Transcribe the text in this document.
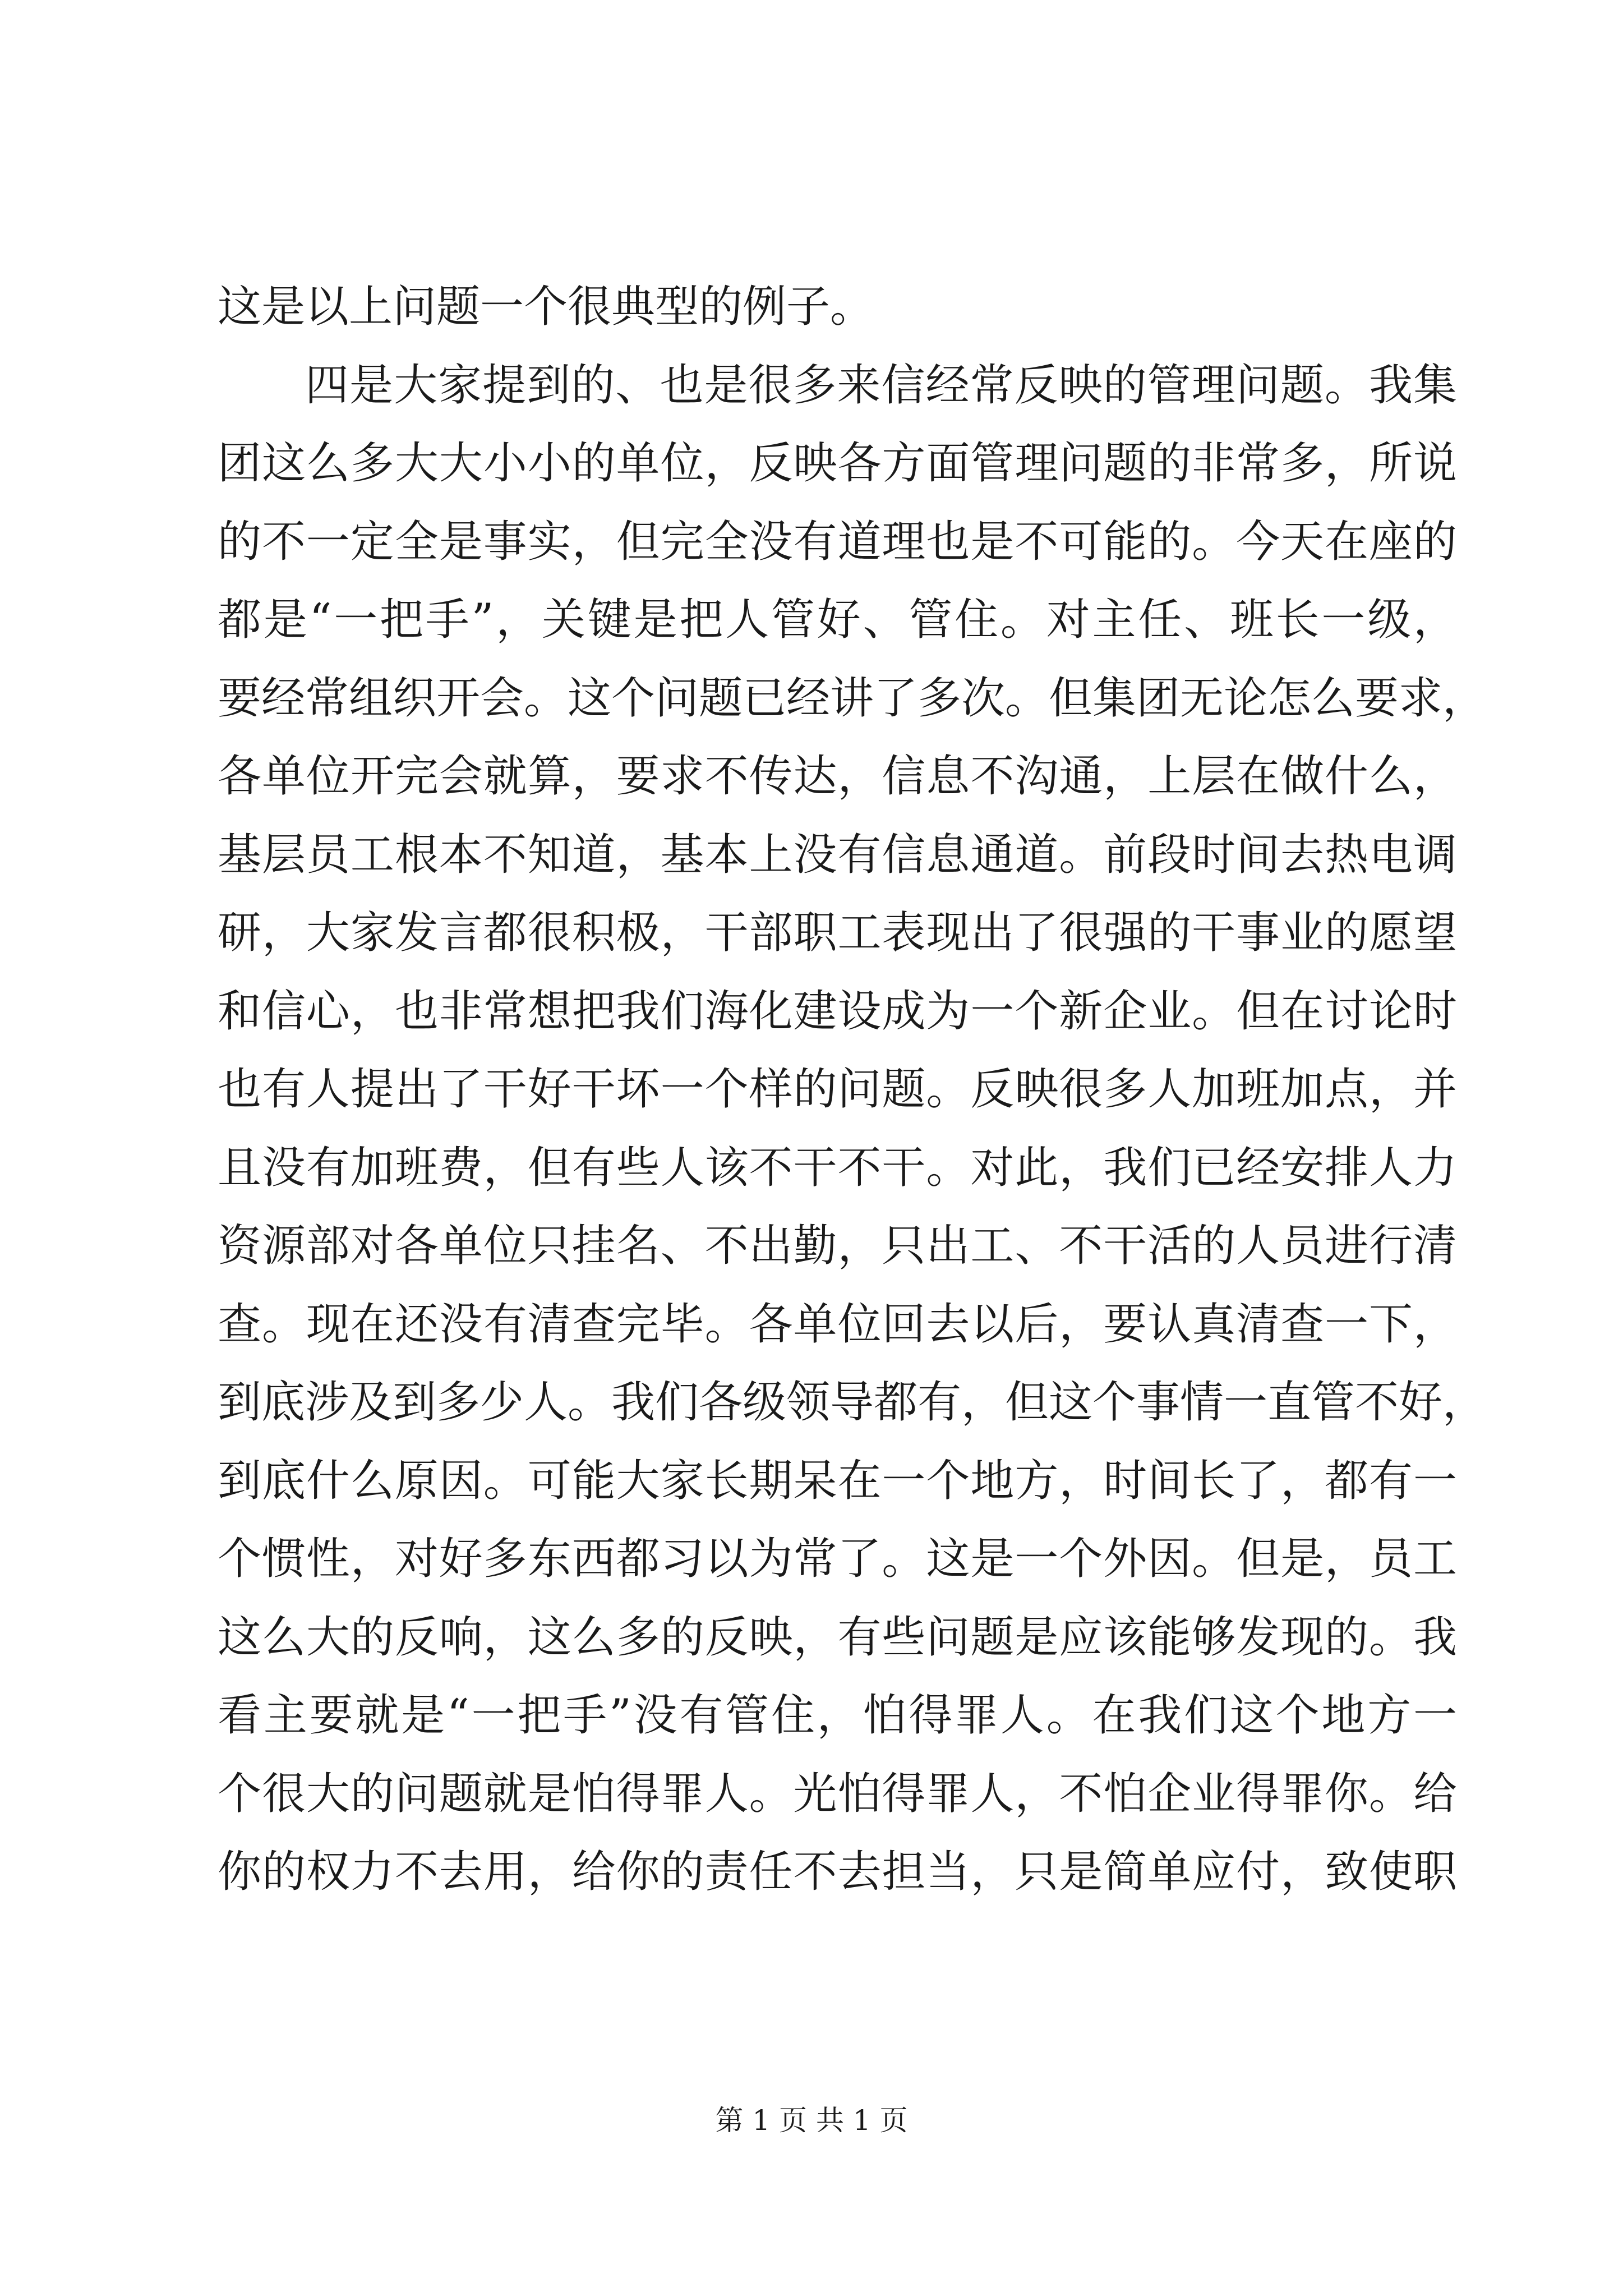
这是以上问题一个很典型的例子。
四是大家提到的、也是很多来信经常反映的管理问题。我集
团这么多大大小小的单位，反映各方面管理问题的非常多，所说
的不一定全是事实，但完全没有道理也是不可能的。今天在座的
都是“一把手”，关键是把人管好、管住。对主任、班长一级，
要经常组织开会。这个问题已经讲了多次。但集团无论怎么要求，
各单位开完会就算，要求不传达，信息不沟通，上层在做什么，
基层员工根本不知道，基本上没有信息通道。前段时间去热电调
研，大家发言都很积极，干部职工表现出了很强的干事业的愿望
和信心，也非常想把我们海化建设成为一个新企业。但在讨论时
也有人提出了干好干坏一个样的问题。反映很多人加班加点，并
且没有加班费，但有些人该不干不干。对此，我们已经安排人力
资源部对各单位只挂名、不出勤，只出工、不干活的人员进行清
查。现在还没有清查完毕。各单位回去以后，要认真清查一下，
到底涉及到多少人。我们各级领导都有，但这个事情一直管不好，
到底什么原因。可能大家长期呆在一个地方，时间长了，都有一
个惯性，对好多东西都习以为常了。这是一个外因。但是，员工
这么大的反响，这么多的反映，有些问题是应该能够发现的。我
看主要就是“一把手”没有管住，怕得罪人。在我们这个地方一
个很大的问题就是怕得罪人。光怕得罪人，不怕企业得罪你。给
你的权力不去用，给你的责任不去担当，只是简单应付，致使职
第 1 页 共 1 页
